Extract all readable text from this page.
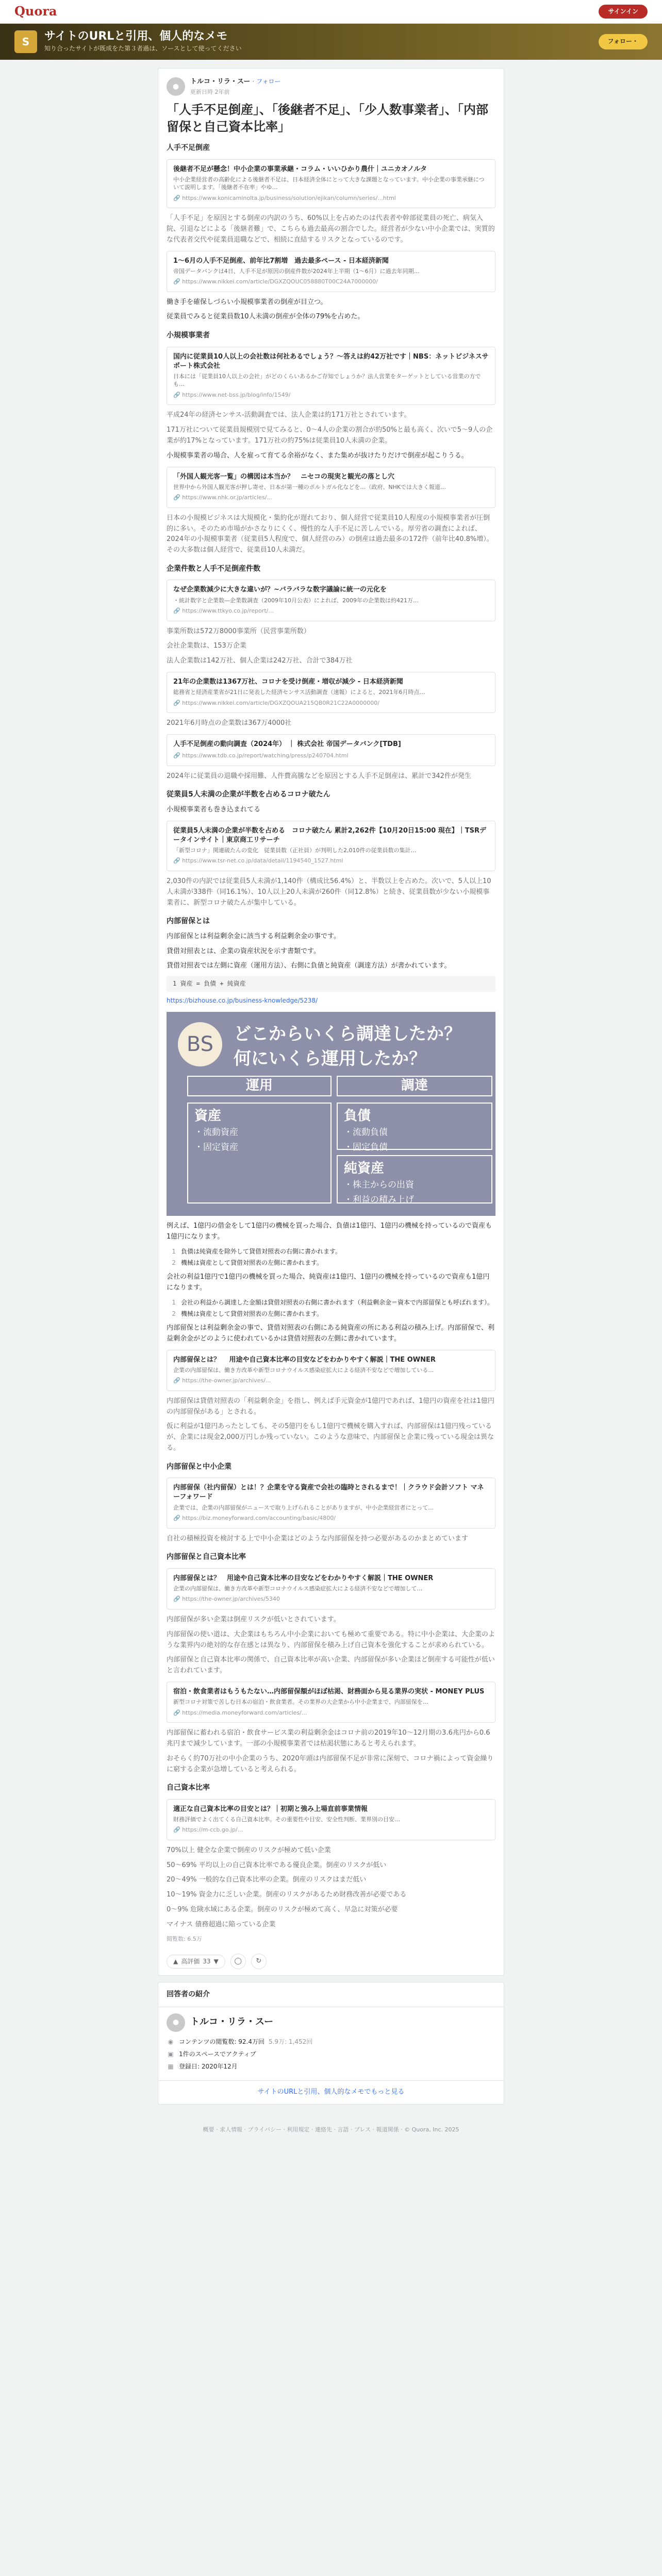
Quora	サインイン
S	サイトのURLと引用、個人的なメモ
知り合ったサイトが既成をた第３者過は、ソースとして使ってください
フォロー・
●
トルコ・リラ・スー · フォロー
更新日時 2年前
「人手不足倒産」、「後継者不足」、「少人数事業者」、「内部留保と自己資本比率」
人手不足倒産
後継者不足が懸念！中小企業の事業承継・コラム・いいひかり農什｜ユニカオノルタ
中小企業経営者の高齢化による後継者不足は、日本経済全体にとって大きな課題となっています。中小企業の事業承継について説明します。「後継者不在率」やゆ…
🔗 https://www.konicaminolta.jp/business/solution/ejikan/column/series/...html

「人手不足」を原因とする倒産の内訳のうち、60%以上を占めたのは代表者や幹部従業員の死亡、病気入院、引退などによる「後継者難」で、こちらも過去最高の割合でした。経営者が少ない中小企業では、実質的な代表者交代や従業員退職などで、相続に直結するリスクとなっているのです。

1～6月の人手不足倒産、前年比7割増　過去最多ペース - 日本経済新聞
帝国データバンクは4日、人手不足が原因の倒産件数が2024年上半期（1～6月）に過去年同期…
🔗 https://www.nikkei.com/article/DGXZQOUC058880T00C24A7000000/

働き手を確保しづらい小規模事業者の倒産が目立つ。

従業員でみると従業員数10人未満の倒産が全体の79%を占めた。

小規模事業者
国内に従業員10人以上の会社数は何社あるでしょう？～答えは約42万社です｜NBS：ネットビジネスサポート株式会社
日本には「従業員10人以上の会社」がどのくらいあるかご存知でしょうか？法人営業をターゲットとしている営業の方でも…
🔗 https://www.net-bss.jp/blog/info/1549/

平成24年の経済センサス-活動調査では、法人企業は約171万社とされています。

171万社について従業員規模別で見てみると、0〜4人の企業の割合が約50%と最も高く、次いで5〜9人の企業が約17%となっています。171万社の約75%は従業員10人未満の企業。

小規模事業者の場合、人を雇って育てる余裕がなく、また集めが抜けたりだけで倒産が起こりうる。

「外国人観光客一覧」の構図は本当か？　ニセコの現実と観光の落とし穴
世界中から外国人観光客が押し寄せ、日本が第一種のポルトガル化などを…（政府、NHKでは大きく報道…
🔗 https://www.nhk.or.jp/articles/...

日本の小規模ビジネスは大規模化・集約化が遅れており、個人経営で従業員10人程度の小規模事業者が圧倒的に多い。そのため市場がかさなりにくく、慢性的な人手不足に苦しんでいる。厚労省の調査によれば、2024年の小規模事業者（従業員5人程度で、個人経営のみ）の倒産は過去最多の172件（前年比40.8%増）。その大多数は個人経営で、従業員10人未満だ。

企業件数と人手不足倒産件数
なぜ企業数減少に大きな違いが？~バラバラな数字議論に統一の元化を
・統計数字と企業数―企業数調査（2009年10月公表）によれば、2009年の企業数は約421万…
🔗 https://www.ttkyo.co.jp/report/...

事業所数は572万8000事業所（民営事業所数）

会社企業数は、153万企業

法人企業数は142万社、個人企業は242万社、合計で384万社

21年の企業数は1367万社、コロナを受け倒産・増収が減少 - 日本経済新聞
総務省と経済産業省が21日に発表した経済センサス活動調査（速報）によると、2021年6月時点…
🔗 https://www.nikkei.com/article/DGXZQOUA215QB0R21C22A0000000/

2021年6月時点の企業数は367万4000社

人手不足倒産の動向調査（2024年） ｜ 株式会社 帝国データバンク[TDB]
🔗 https://www.tdb.co.jp/report/watching/press/p240704.html

2024年に従業員の退職や採用難、人件費高騰などを原因とする人手不足倒産は、累計で342件が発生

従業員5人未満の企業が半数を占めるコロナ破たん

小規模事業者も巻き込まれてる

従業員5人未満の企業が半数を占める　コロナ破たん 累計2,262件【10月20日15:00 現在】｜TSRデータインサイト｜東京商工リサーチ
「新型コロナ」関連破たんの変化　従業員数（正社員）が判明した2,010件の従業員数の集計…
🔗 https://www.tsr-net.co.jp/data/detail/1194540_1527.html

2,030件の内訳では従業員5人未満が1,140件（構成比56.4%）と、半数以上を占めた。次いで、5人以上10人未満が338件（同16.1%）、10人以上20人未満が260件（同12.8%）と続き、従業員数が少ない小規模事業者に、新型コロナ破たんが集中している。

内部留保とは

内部留保とは利益剰余金に該当する利益剰余金の事です。

貸借対照表とは、企業の資産状況を示す書類です。

貸借対照表では左側に資産（運用方法）、右側に負債と純資産（調達方法）が書かれています。

1 資産 = 負債 + 純資産
https://bizhouse.co.jp/business-knowledge/5238/
BS	どこからいくら調達したか？
何にいくら運用したか？
運用	調達
資産
・流動資産
・固定資産
負債
・流動負債
・固定負債
純資産
・株主からの出資
・利益の積み上げ

例えば、1億円の借金をして1億円の機械を買った場合、負債は1億円、1億円の機械を持っているので資産も1億円になります。

1 負債は純資産を除外して貸借対照表の右側に書かれます。
2 機械は資産として貸借対照表の左側に書かれます。

会社の利益1億円で1億円の機械を買った場合、純資産は1億円、1億円の機械を持っているので資産も1億円になります。

1 会社の利益から調達した金額は貸借対照表の右側に書かれます（利益剰余金＝資本で内部留保とも呼ばれます）。
2 機械は資産として貸借対照表の左側に書かれます。

内部留保とは利益剰余金の事で、貸借対照表の右側にある純資産の所にある利益の積み上げ。内部留保で、利益剰余金がどのように使われているかは貸借対照表の左側に書かれています。

内部留保とは？　 用途や自己資本比率の目安などをわかりやすく解説｜THE OWNER
企業の内部留保は、働き方改革や新型コロナウイルス感染症拡大による経済不安などで増加している…
🔗 https://the-owner.jp/archives/...

内部留保は貸借対照表の「利益剰余金」を指し、例えば手元資金が1億円であれば、1億円の資産を社は1億円の内部留保がある」とされる。

仮に利益が1億円あったとしても、その5億円をもし1億円で機械を購入すれば、内部留保は1億円残っているが、企業には現金2,000万円しか残っていない。このような意味で、内部留保と企業に残っている現金は異なる。

内部留保と中小企業
内部留保（社内留保）とは！？企業を守る資産で会社の臨時とされるまで！｜クラウド会計ソフト マネーフォワード
企業では、企業の内部留保がニュースで取り上げられることがありますが、中小企業経営者にとって…
🔗 https://biz.moneyforward.com/accounting/basic/4800/

自社の積極投資を検討する上で中小企業はどのような内部留保を持つ必要があるのかまとめています

内部留保と自己資本比率
内部留保とは？　用途や自己資本比率の目安などをわかりやすく解説｜THE OWNER
企業の内部留保は、働き方改革や新型コロナウイルス感染症拡大による経済不安などで増加して…
🔗 https://the-owner.jp/archives/5340

内部留保が多い企業は倒産リスクが低いとされています。

内部留保の使い道は、大企業はもちろん中小企業においても極めて重要である。特に中小企業は、大企業のような業界内の絶対的な存在感とは異なり、内部留保を積み上げ自己資本を強化することが求められている。

内部留保と自己資本比率の関係で、自己資本比率が高い企業、内部留保が多い企業ほど倒産する可能性が低いと言われています。

宿泊・飲食業者はもうもたない…内部留保額がほぼ枯渇、財務面から見る業界の実状 - MONEY PLUS
新型コロナ対策で苦しむ日本の宿泊・飲食業者。その業界の大企業から中小企業まで、内部留保を…
🔗 https://media.moneyforward.com/articles/...

内部留保に蓄われる宿泊・飲食サービス業の利益剰余金はコロナ前の2019年10〜12月期の3.6兆円から0.6兆円まで減少しています。一部の小規模事業者では枯渇状態にあると考えられます。

おそらく約70万社の中小企業のうち、2020年頭は内部留保不足が非常に深刻で、コロナ禍によって資金繰りに窮する企業が急増していると考えられる。

自己資本比率
適正な自己資本比率の目安とは？｜初期と強み上場直前事業情報
財務評価でよく出てくる自己資本比率。その重要性や目安、安全性判断、業界別の目安…
🔗 https://m-ccb.go.jp/...

70%以上 健全な企業で倒産のリスクが極めて低い企業

50〜69% 平均以上の自己資本比率である優良企業。倒産のリスクが低い

20〜49% 一般的な自己資本比率の企業。倒産のリスクはまだ低い

10〜19% 資金力に乏しい企業。倒産のリスクがあるため財務改善が必要である

0〜9% 危険水域にある企業。倒産のリスクが極めて高く、早急に対策が必要

マイナス 債務超過に陥っている企業

閲覧数: 6.5万
▲ 高評価 33 ▼	◯	↻
回答者の紹介
●	トルコ・リラ・スー
◉ コンテンツの閲覧数: 92.4万回 5.9万: 1,452回
▣ 1件のスペースでアクティブ
▦ 登録日: 2020年12月
サイトのURLと引用、個人的なメモでもっと見る
概要 · 求人情報 · プライバシー · 利用規定 · 連絡先 · 言語 · プレス · 報道関係 · © Quora, Inc. 2025
